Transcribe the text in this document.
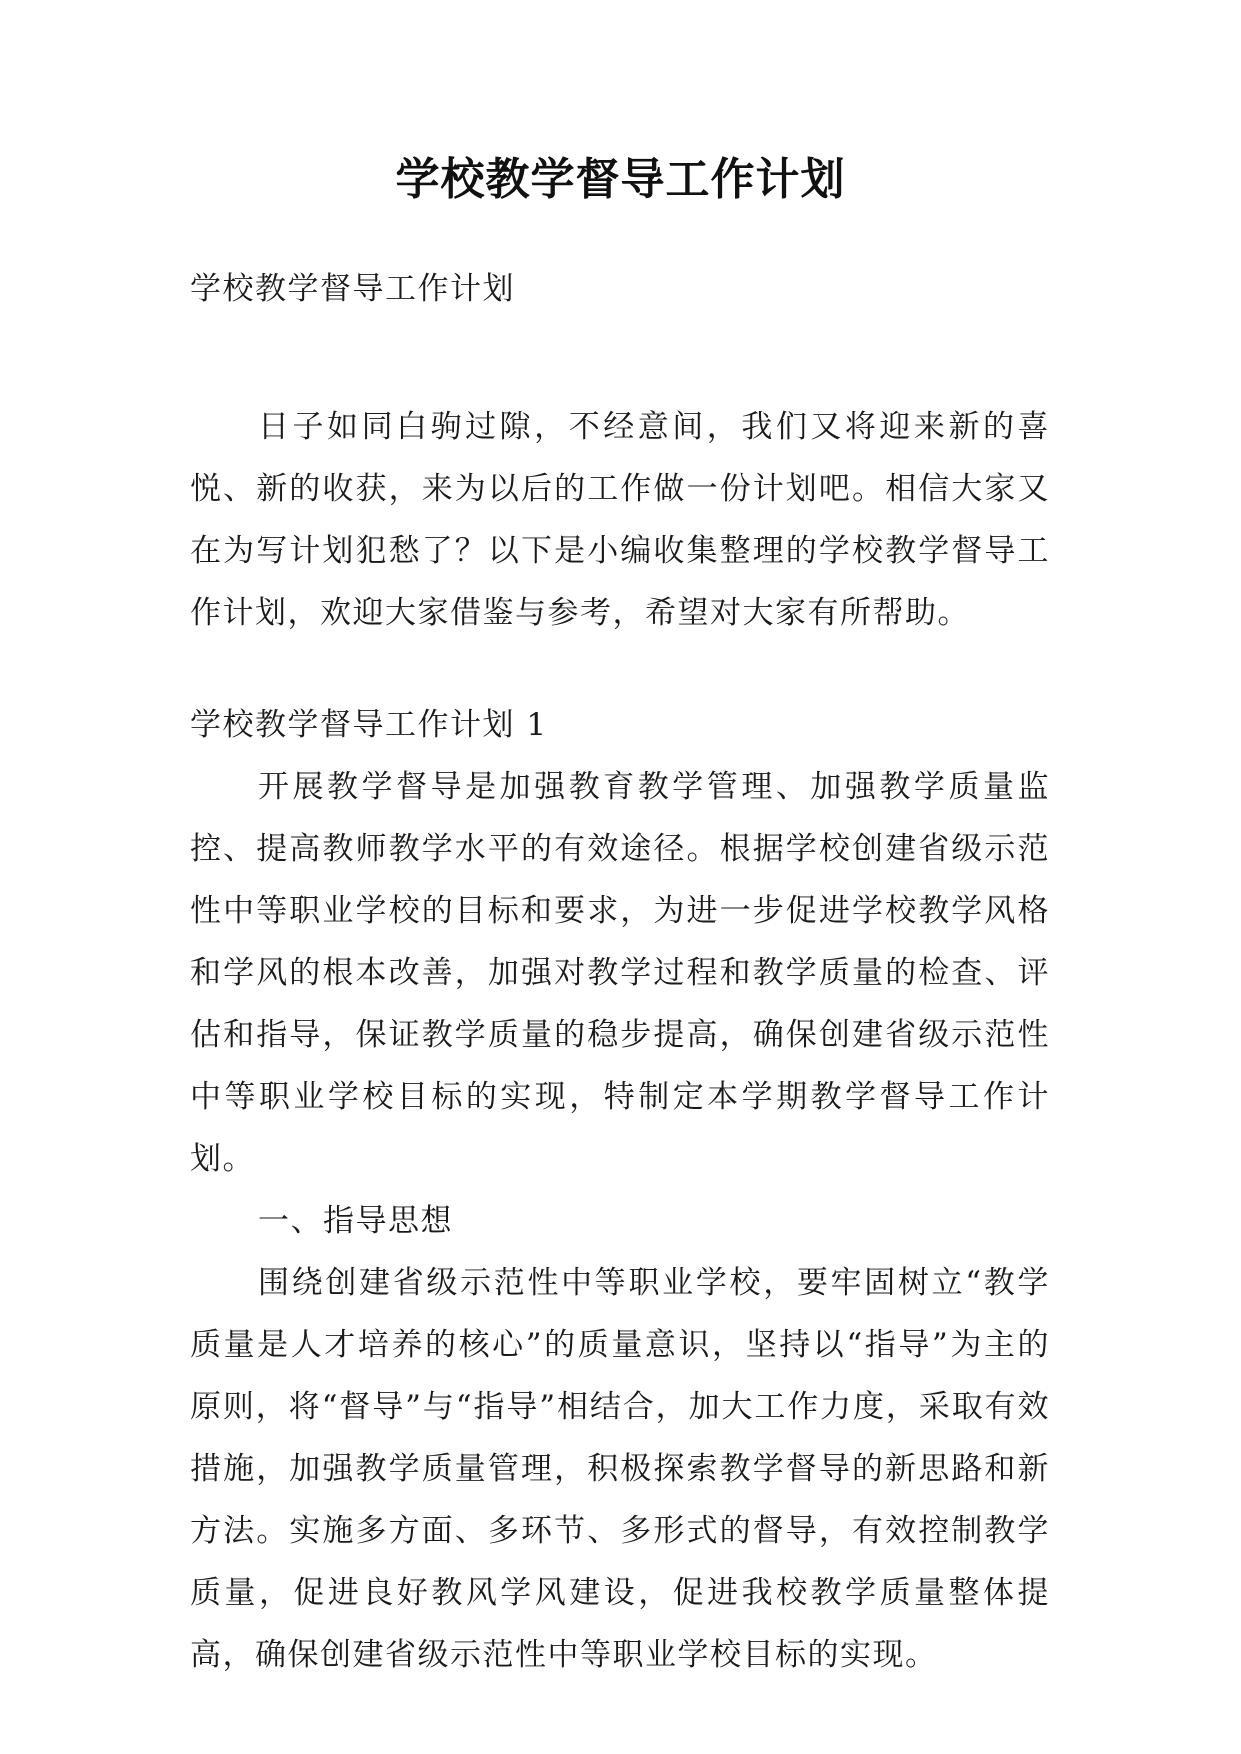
学校教学督导工作计划
学校教学督导工作计划
日子如同白驹过隙，不经意间，我们又将迎来新的喜悦、新的收获，来为以后的工作做一份计划吧。相信大家又在为写计划犯愁了？以下是小编收集整理的学校教学督导工作计划，欢迎大家借鉴与参考，希望对大家有所帮助。
学校教学督导工作计划 1

开展教学督导是加强教育教学管理、加强教学质量监控、提高教师教学水平的有效途径。根据学校创建省级示范性中等职业学校的目标和要求，为进一步促进学校教学风格和学风的根本改善，加强对教学过程和教学质量的检查、评估和指导，保证教学质量的稳步提高，确保创建省级示范性中等职业学校目标的实现，特制定本学期教学督导工作计划。

一、指导思想

围绕创建省级示范性中等职业学校，要牢固树立“教学质量是人才培养的核心”的质量意识，坚持以“指导”为主的原则，将“督导”与“指导”相结合，加大工作力度，采取有效措施，加强教学质量管理，积极探索教学督导的新思路和新方法。实施多方面、多环节、多形式的督导，有效控制教学质量，促进良好教风学风建设，促进我校教学质量整体提高，确保创建省级示范性中等职业学校目标的实现。
